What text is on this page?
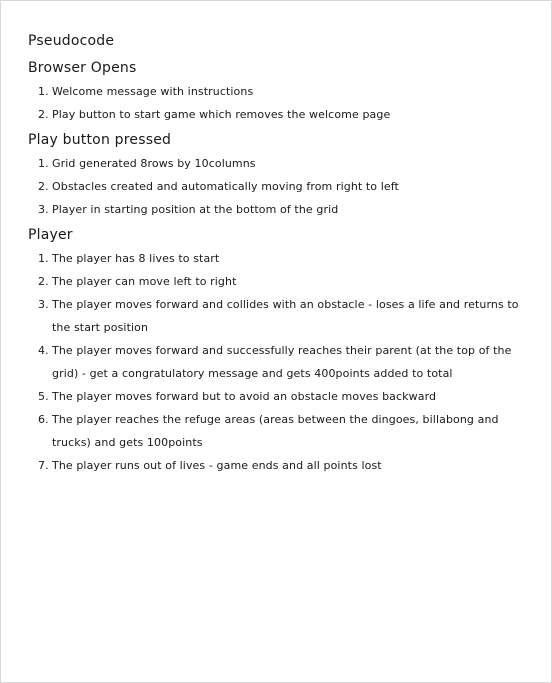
Pseudocode
Browser Opens
Welcome message with instructions
Play button to start game which removes the welcome page
Play button pressed
Grid generated 8rows by 10columns
Obstacles created and automatically moving from right to left
Player in starting position at the bottom of the grid
Player
The player has 8 lives to start
The player can move left to right
The player moves forward and collides with an obstacle - loses a life and returns to the start position
The player moves forward and successfully reaches their parent (at the top of the grid) - get a congratulatory message and gets 400points added to total
The player moves forward but to avoid an obstacle moves backward
The player reaches the refuge areas (areas between the dingoes, billabong and trucks) and gets 100points
The player runs out of lives - game ends and all points lost
